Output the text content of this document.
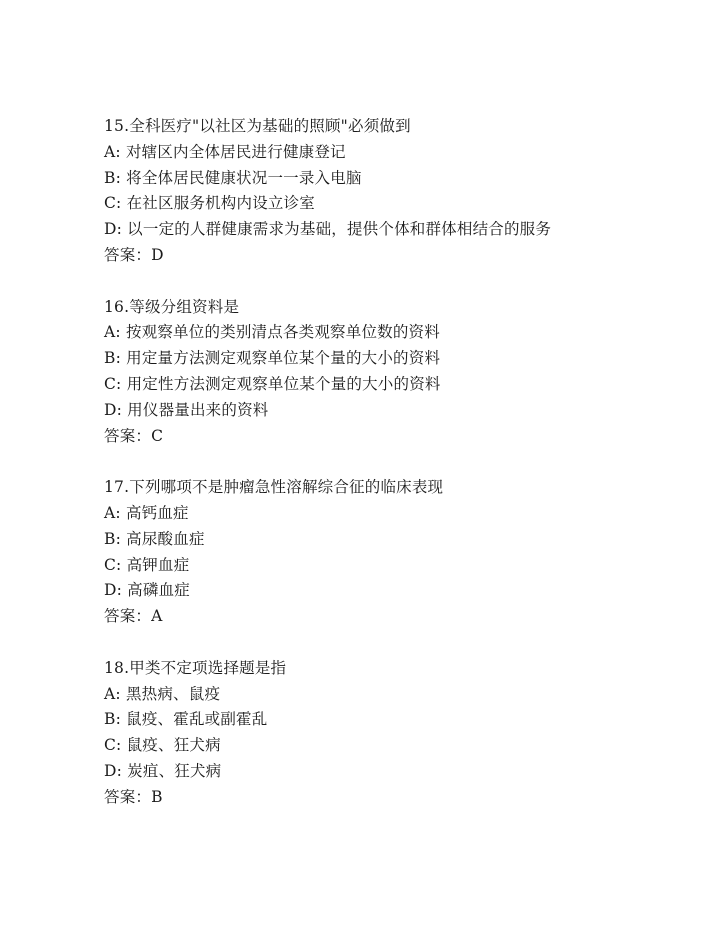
15.全科医疗"以社区为基础的照顾"必须做到
A: 对辖区内全体居民进行健康登记
B: 将全体居民健康状况一一录入电脑
C: 在社区服务机构内设立诊室
D: 以一定的人群健康需求为基础，提供个体和群体相结合的服务
答案：D
16.等级分组资料是
A: 按观察单位的类别清点各类观察单位数的资料
B: 用定量方法测定观察单位某个量的大小的资料
C: 用定性方法测定观察单位某个量的大小的资料
D: 用仪器量出来的资料
答案：C
17.下列哪项不是肿瘤急性溶解综合征的临床表现
A: 高钙血症
B: 高尿酸血症
C: 高钾血症
D: 高磷血症
答案：A
18.甲类不定项选择题是指
A: 黑热病、鼠疫
B: 鼠疫、霍乱或副霍乱
C: 鼠疫、狂犬病
D: 炭疽、狂犬病
答案：B
